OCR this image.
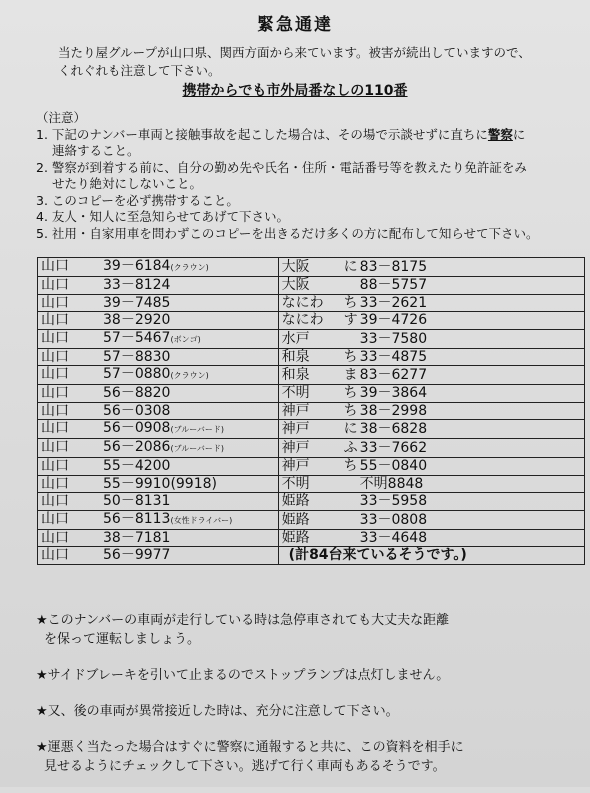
緊急通達
当たり屋グループが山口県、関西方面から来ています。被害が続出していますので、
くれぐれも注意して下さい。
携帯からでも市外局番なしの110番
（注意）
1. 下記のナンバー車両と接触事故を起こした場合は、その場で示談せずに直ちに警察に
連絡すること。
2. 警察が到着する前に、自分の勤め先や氏名・住所・電話番号等を教えたり免許証をみ
せたり絶対にしないこと。
3. このコピーを必ず携帯すること。
4. 友人・知人に至急知らせてあげて下さい。
5. 社用・自家用車を問わずこのコピーを出きるだけ多くの方に配布して知らせて下さい。
山口 39－6184(クラウン)	大阪 に 83－8175
山口 33－8124	大阪 88－5757
山口 39－7485	なにわ ち 33－2621
山口 38－2920	なにわ す 39－4726
山口 57－5467(ボンゴ)	水戸 33－7580
山口 57－8830	和泉 ち 33－4875
山口 57－0880(クラウン)	和泉 ま 83－6277
山口 56－8820	不明 ち 39－3864
山口 56－0308	神戸 ち 38－2998
山口 56－0908(ブルーバード)	神戸 に 38－6828
山口 56－2086(ブルーバード)	神戸 ふ 33－7662
山口 55－4200	神戸 ち 55－0840
山口 55－9910(9918)	不明 不明8848
山口 50－8131	姫路 33－5958
山口 56－8113(女性ドライバー)	姫路 33－0808
山口 38－7181	姫路 33－4648
山口 56－9977	(計84台来ているそうです。)
★このナンバーの車両が走行している時は急停車されても大丈夫な距離
を保って運転しましょう。
★サイドブレーキを引いて止まるのでストップランプは点灯しません。
★又、後の車両が異常接近した時は、充分に注意して下さい。
★運悪く当たった場合はすぐに警察に通報すると共に、この資料を相手に
見せるようにチェックして下さい。逃げて行く車両もあるそうです。
